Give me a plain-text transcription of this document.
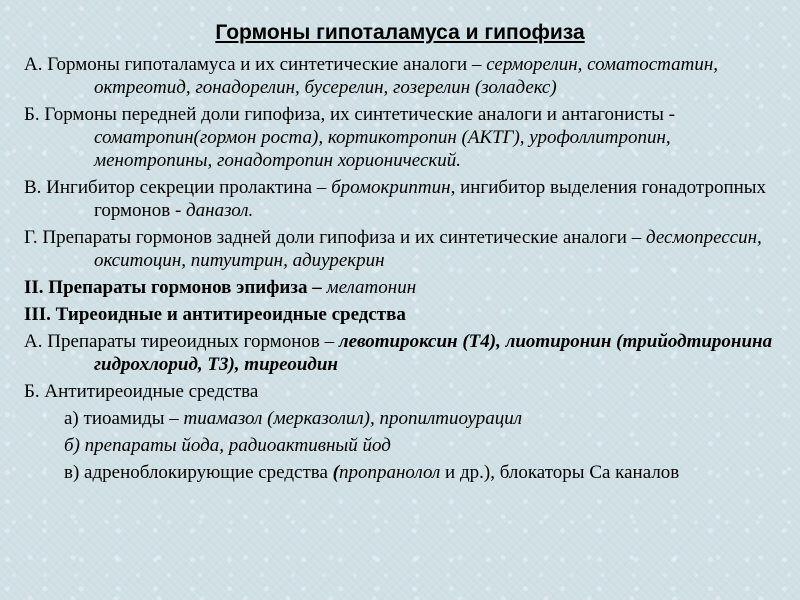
Гормоны гипоталамуса и гипофиза
А. Гормоны гипоталамуса и их синтетические аналоги – серморелин, соматостатин, октреотид, гонадорелин, бусерелин, гозерелин (золадекс)
Б. Гормоны передней доли гипофиза, их синтетические аналоги и антагонисты - соматропин(гормон роста), кортикотропин (АКТГ), урофоллитропин, менотропины, гонадотропин хорионический.
В. Ингибитор секреции пролактина – бромокриптин, ингибитор выделения гонадотропных гормонов - даназол.
Г. Препараты гормонов задней доли гипофиза и их синтетические аналоги – десмопрессин, окситоцин, питуитрин, адиурекрин
II. Препараты гормонов эпифиза – мелатонин
III. Тиреоидные и антитиреоидные средства
А. Препараты тиреоидных гормонов – левотироксин (Т4), лиотиронин (трийодтиронина гидрохлорид, Т3), тиреоидин
Б. Антитиреоидные средства
а) тиоамиды – тиамазол (мерказолил), пропилтиоурацил
б) препараты йода, радиоактивный йод
в) адреноблокирующие средства (пропранолол и др.), блокаторы Са каналов
